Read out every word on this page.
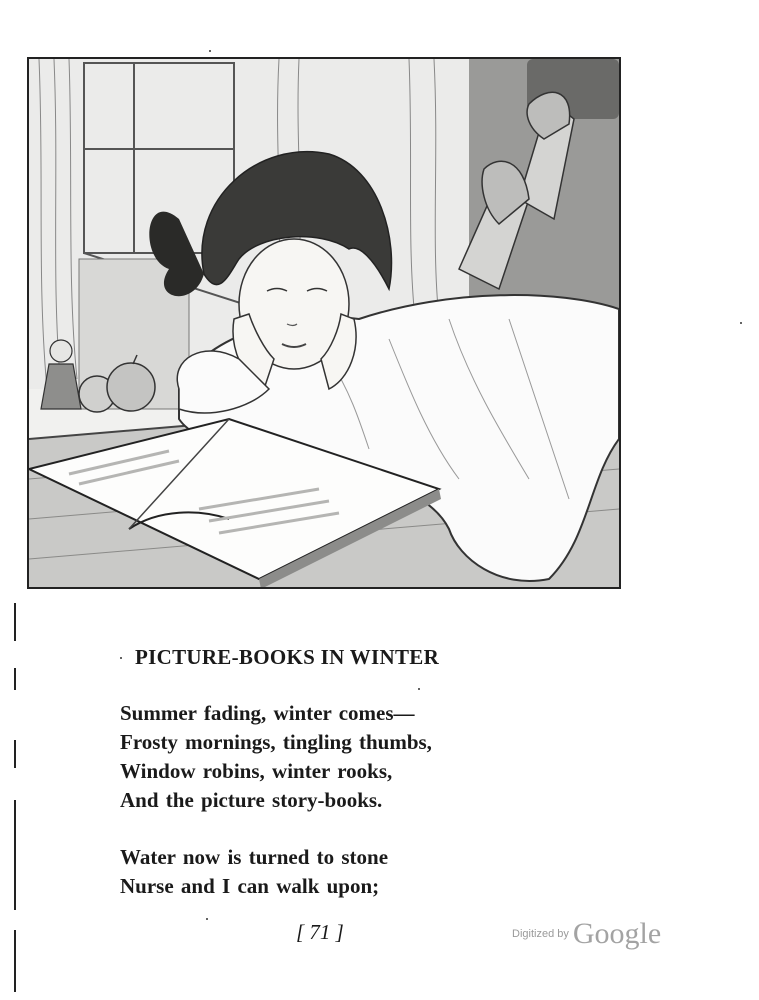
PICTURE-BOOKS IN WINTER
Summer fading, winter comes—
Frosty mornings, tingling thumbs,
Window robins, winter rooks,
And the picture story-books.
Water now is turned to stone
Nurse and I can walk upon;
[ 71 ]	Digitized by Google
